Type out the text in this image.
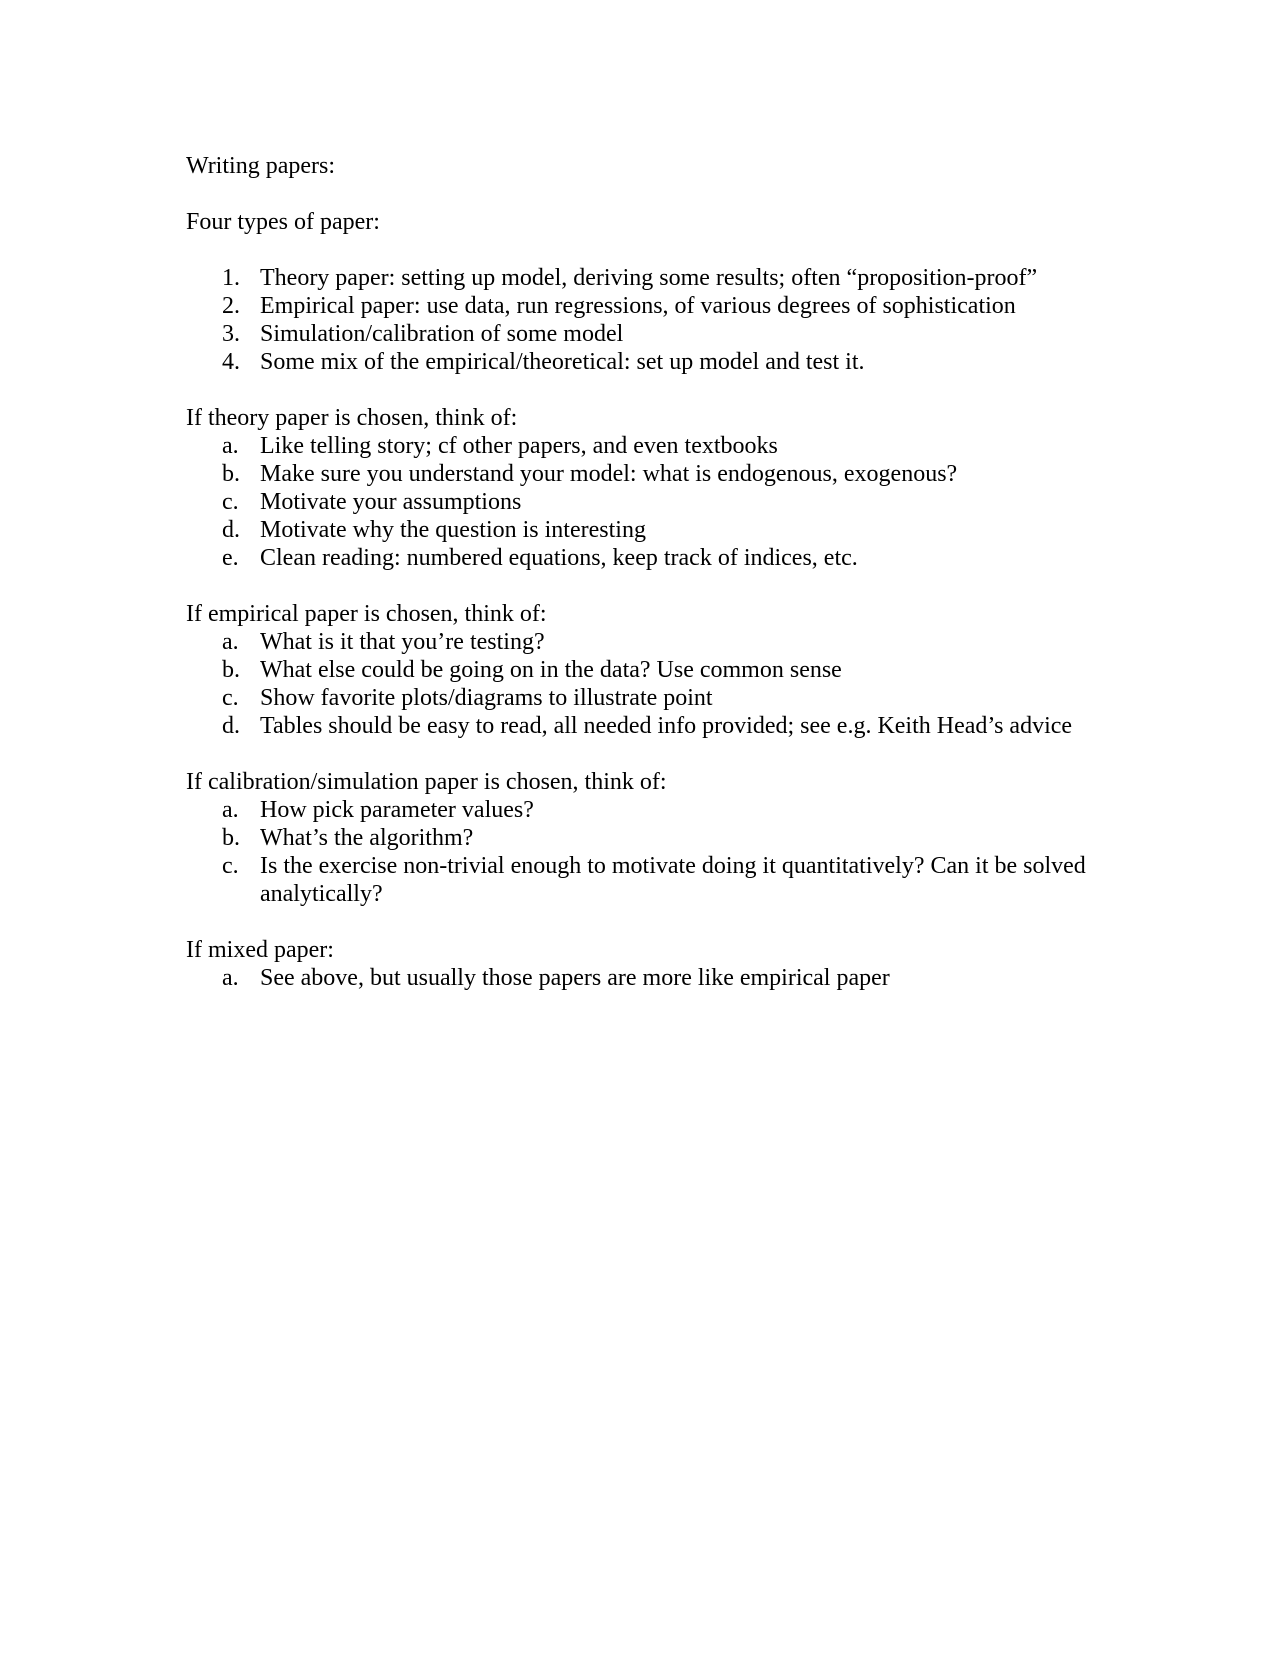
Writing papers:

Four types of paper:

1. Theory paper: setting up model, deriving some results; often “proposition-proof”
2. Empirical paper: use data, run regressions, of various degrees of sophistication
3. Simulation/calibration of some model
4. Some mix of the empirical/theoretical: set up model and test it.

If theory paper is chosen, think of:

a. Like telling story; cf other papers, and even textbooks
b. Make sure you understand your model: what is endogenous, exogenous?
c. Motivate your assumptions
d. Motivate why the question is interesting
e. Clean reading: numbered equations, keep track of indices, etc.

If empirical paper is chosen, think of:

a. What is it that you’re testing?
b. What else could be going on in the data? Use common sense
c. Show favorite plots/diagrams to illustrate point
d. Tables should be easy to read, all needed info provided; see e.g. Keith Head’s advice

If calibration/simulation paper is chosen, think of:

a. How pick parameter values?
b. What’s the algorithm?
c. Is the exercise non-trivial enough to motivate doing it quantitatively? Can it be solved analytically?

If mixed paper:

a. See above, but usually those papers are more like empirical paper
